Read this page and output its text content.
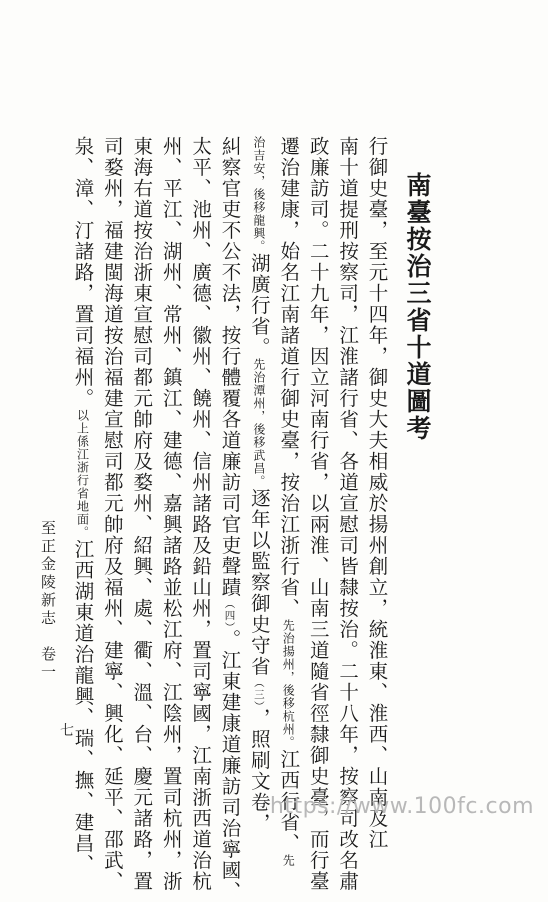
南臺按治三省十道圖考
行御史臺，至元十四年，御史大夫相威於揚州創立，統淮東、淮西、山南及江
南十道提刑按察司，江淮諸行省、各道宣慰司皆隸按治。二十八年，按察司改名肅
政廉訪司。二十九年，因立河南行省，以兩淮、山南三道隨省徑隸御史臺，而行臺
遷治建康，始名江南諸道行御史臺，按治江浙行省、先治揚州，後移杭州。江西行省、先
治吉安，後移龍興。湖廣行省。先治潭州，後移武昌。逐年以監察御史守省（三），照刷文卷，
糾察官吏不公不法，按行體覆各道廉訪司官吏聲蹟（四）。江東建康道廉訪司治寧國、
太平、池州、廣德、徽州、饒州、信州諸路及鉛山州，置司寧國，江南浙西道治杭
州、平江、湖州、常州、鎮江、建德、嘉興諸路並松江府、江陰州，置司杭州，浙
東海右道按治浙東宣慰司都元帥府及婺州、紹興、處、衢、溫、台、慶元諸路，置
司婺州，福建閩海道按治福建宣慰司都元帥府及福州、建寧、興化、延平、邵武、
泉、漳、汀諸路，置司福州。以上係江浙行省地面。江西湖東道治龍興、瑞、撫、建昌、
至正金陵新志　卷一
七
https://www.100fc.com
